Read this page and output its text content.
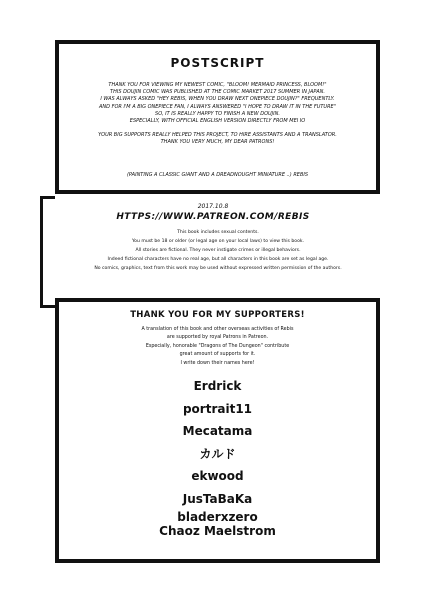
POSTSCRIPT
THANK YOU FOR VIEWING MY NEWEST COMIC, "BLOOM! MERMAID PRINCESS, BLOOM!"
THIS DOUJIN COMIC WAS PUBLISHED AT THE COMIC MARKET 2017 SUMMER IN JAPAN.
I WAS ALWAYS ASKED "HEY REBIS, WHEN YOU DRAW NEXT ONEPIECE DOUJIN?" FREQUENTLY.
AND FOR I'M A BIG ONEPIECE FAN, I ALWAYS ANSWERED "I HOPE TO DRAW IT IN THE FUTURE"
SO, IT IS REALLY HAPPY TO FINISH A NEW DOUJIN.
ESPECIALLY, WITH OFFICIAL ENGLISH VERSION DIRECTLY FROM MEI IO
YOUR BIG SUPPORTS REALLY HELPED THIS PROJECT, TO HIRE ASSISTANTS AND A TRANSLATOR.
THANK YOU VERY MUCH, MY DEAR PATRONS!
(PAINTING A CLASSIC GIANT AND A DREADNOUGHT MINIATURE ..) REBIS
2017.10.8
HTTPS://WWW.PATREON.COM/REBIS
This book includes sexual contents.
You must be 18 or older (or legal age on your local laws) to view this book.
All stories are fictional. They never instigate crimes or illegal behaviors.
Indeed fictional characters have no real age, but all characters in this book are set as legal age.
No comics, graphics, text from this work may be used without expressed written permission of the authors.
THANK YOU FOR MY SUPPORTERS!
A translation of this book and other overseas activities of Rebis
are supported by royal Patrons in Patreon.
Especially, honorable "Dragons of The Dungeon" contribute
great amount of supports for it.
I write down their names here!
Erdrick
portrait11
Mecatama
カルド
ekwood
JusTaBaKa
bladerxzero
Chaoz Maelstrom
